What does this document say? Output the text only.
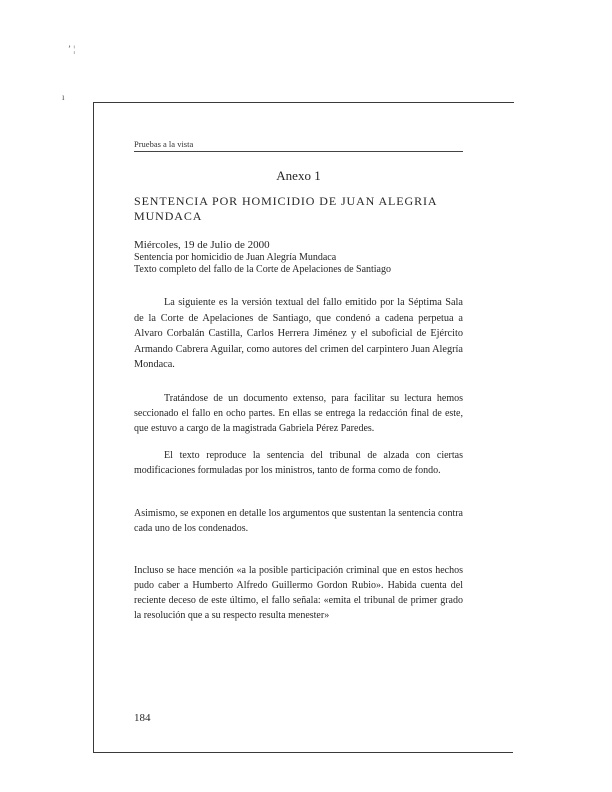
ʼ ¦
ı
Pruebas a la vista
Anexo 1
SENTENCIA POR HOMICIDIO DE JUAN ALEGRIA
MUNDACA
Miércoles, 19 de Julio de 2000
Sentencia por homicidio de Juan Alegría Mundaca
Texto completo del fallo de la Corte de Apelaciones de Santiago

La siguiente es la versión textual del fallo emitido por la Séptima Sala de la Corte de Apelaciones de Santiago, que condenó a cadena perpetua a Alvaro Corbalán Castilla, Carlos Herrera Jiménez y el suboficial de Ejército Armando Cabrera Aguilar, como autores del crimen del carpintero Juan Alegría Mondaca.

Tratándose de un documento extenso, para facilitar su lectura hemos seccionado el fallo en ocho partes. En ellas se entrega la redacción final de este, que estuvo a cargo de la magistrada Gabriela Pérez Paredes.

El texto reproduce la sentencia del tribunal de alzada con ciertas modificaciones formuladas por los ministros, tanto de forma como de fondo.

Asimismo, se exponen en detalle los argumentos que sustentan la sentencia contra cada uno de los condenados.

Incluso se hace mención «a la posible participación criminal que en estos hechos pudo caber a Humberto Alfredo Guillermo Gordon Rubio». Habida cuenta del reciente deceso de este último, el fallo señala: «emita el tribunal de primer grado la resolución que a su respecto resulta menester»

184
